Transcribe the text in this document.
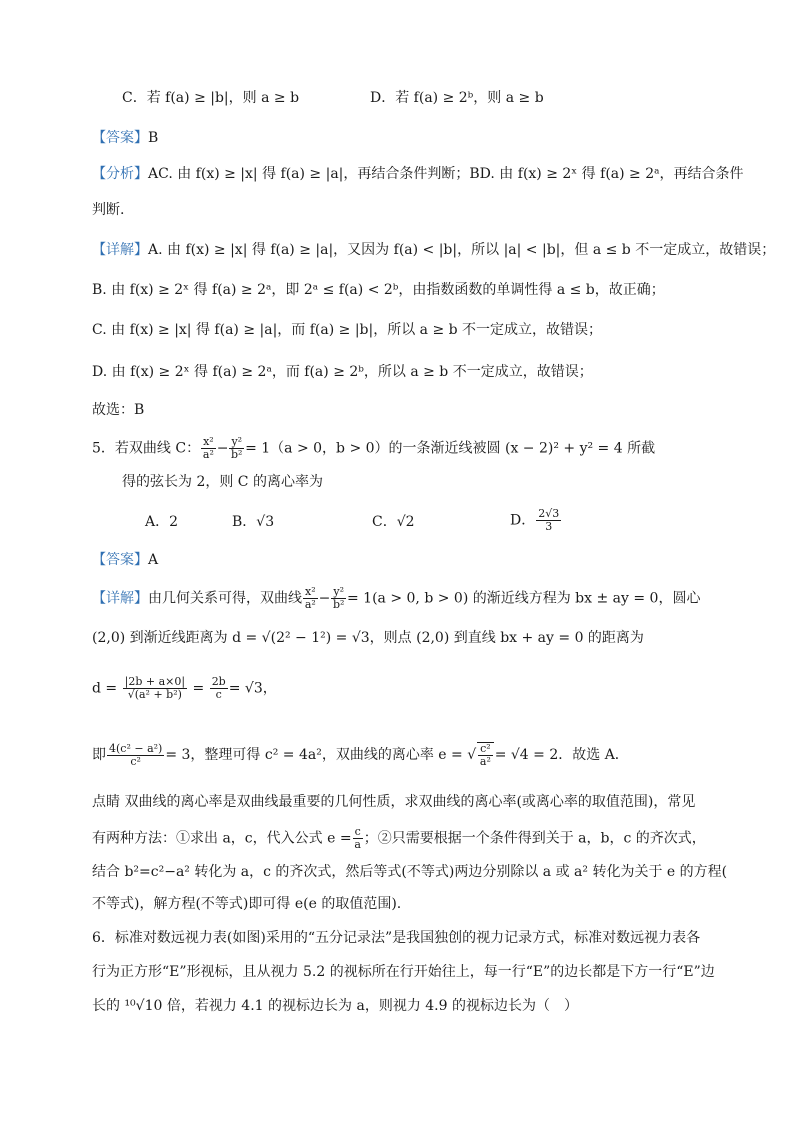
C．若 f(a) ≥ |b|，则 a ≥ b	D．若 f(a) ≥ 2ᵇ，则 a ≥ b
【答案】B
【分析】AC. 由 f(x) ≥ |x| 得 f(a) ≥ |a|，再结合条件判断；BD. 由 f(x) ≥ 2ˣ 得 f(a) ≥ 2ᵃ，再结合条件
判断.
【详解】A. 由 f(x) ≥ |x| 得 f(a) ≥ |a|，又因为 f(a) < |b|，所以 |a| < |b|，但 a ≤ b 不一定成立，故错误；
B. 由 f(x) ≥ 2ˣ 得 f(a) ≥ 2ᵃ，即 2ᵃ ≤ f(a) < 2ᵇ，由指数函数的单调性得 a ≤ b，故正确；
C. 由 f(x) ≥ |x| 得 f(a) ≥ |a|，而 f(a) ≥ |b|，所以 a ≥ b 不一定成立，故错误；
D. 由 f(x) ≥ 2ˣ 得 f(a) ≥ 2ᵃ，而 f(a) ≥ 2ᵇ，所以 a ≥ b 不一定成立，故错误；
故选：B
5．若双曲线 C： $\frac{\text{x²}}{\text{a²}} - \frac{\text{y²}}{\text{b²}} = 1(a > 0$，b > 0）的一条渐近线被圆 (x − 2)² + y² = 4 所截
得的弦长为 2，则 C 的离心率为
A．2	B．√3	C．√2	D． $\frac{2√3}{3}$
【答案】A
【详解】由几何关系可得，双曲线 $\frac{\text{x²}}{\text{a²}} - \frac{\text{y²}}{\text{b²}} = 1(a > 0$, b > 0) 的渐近线方程为 bx ± ay = 0，圆心
(2,0) 到渐近线距离为 d = √(2² − 1²) = √3，则点 (2,0) 到直线 bx + ay = 0 的距离为
$d = \frac{|2b + a\times 0|}{\text{√(a² + b²)}} = \frac{2b}{c} = √3$，
即 $\frac{\text{4(c² − a²)}}{\text{c²}} = 3$，整理可得 c² = 4a²，双曲线的离心率 e = √ $\frac{\text{c²}}{\text{a²}} = √4 = 2$．故选 A．
点睛 双曲线的离心率是双曲线最重要的几何性质，求双曲线的离心率(或离心率的取值范围)，常见
有两种方法：①求出 a，c，代入公式 $e = \frac{c}{a}$ ；②只需要根据一个条件得到关于 a，b，c 的齐次式，
结合 b²=c²−a² 转化为 a，c 的齐次式，然后等式(不等式)两边分别除以 a 或 a² 转化为关于 e 的方程(
不等式)，解方程(不等式)即可得 e(e 的取值范围).
6．标准对数远视力表(如图)采用的“五分记录法”是我国独创的视力记录方式，标准对数远视力表各
行为正方形“E”形视标，且从视力 5.2 的视标所在行开始往上，每一行“E”的边长都是下方一行“E”边
长的 ¹⁰√10 倍，若视力 4.1 的视标边长为 a，则视力 4.9 的视标边长为（　）
